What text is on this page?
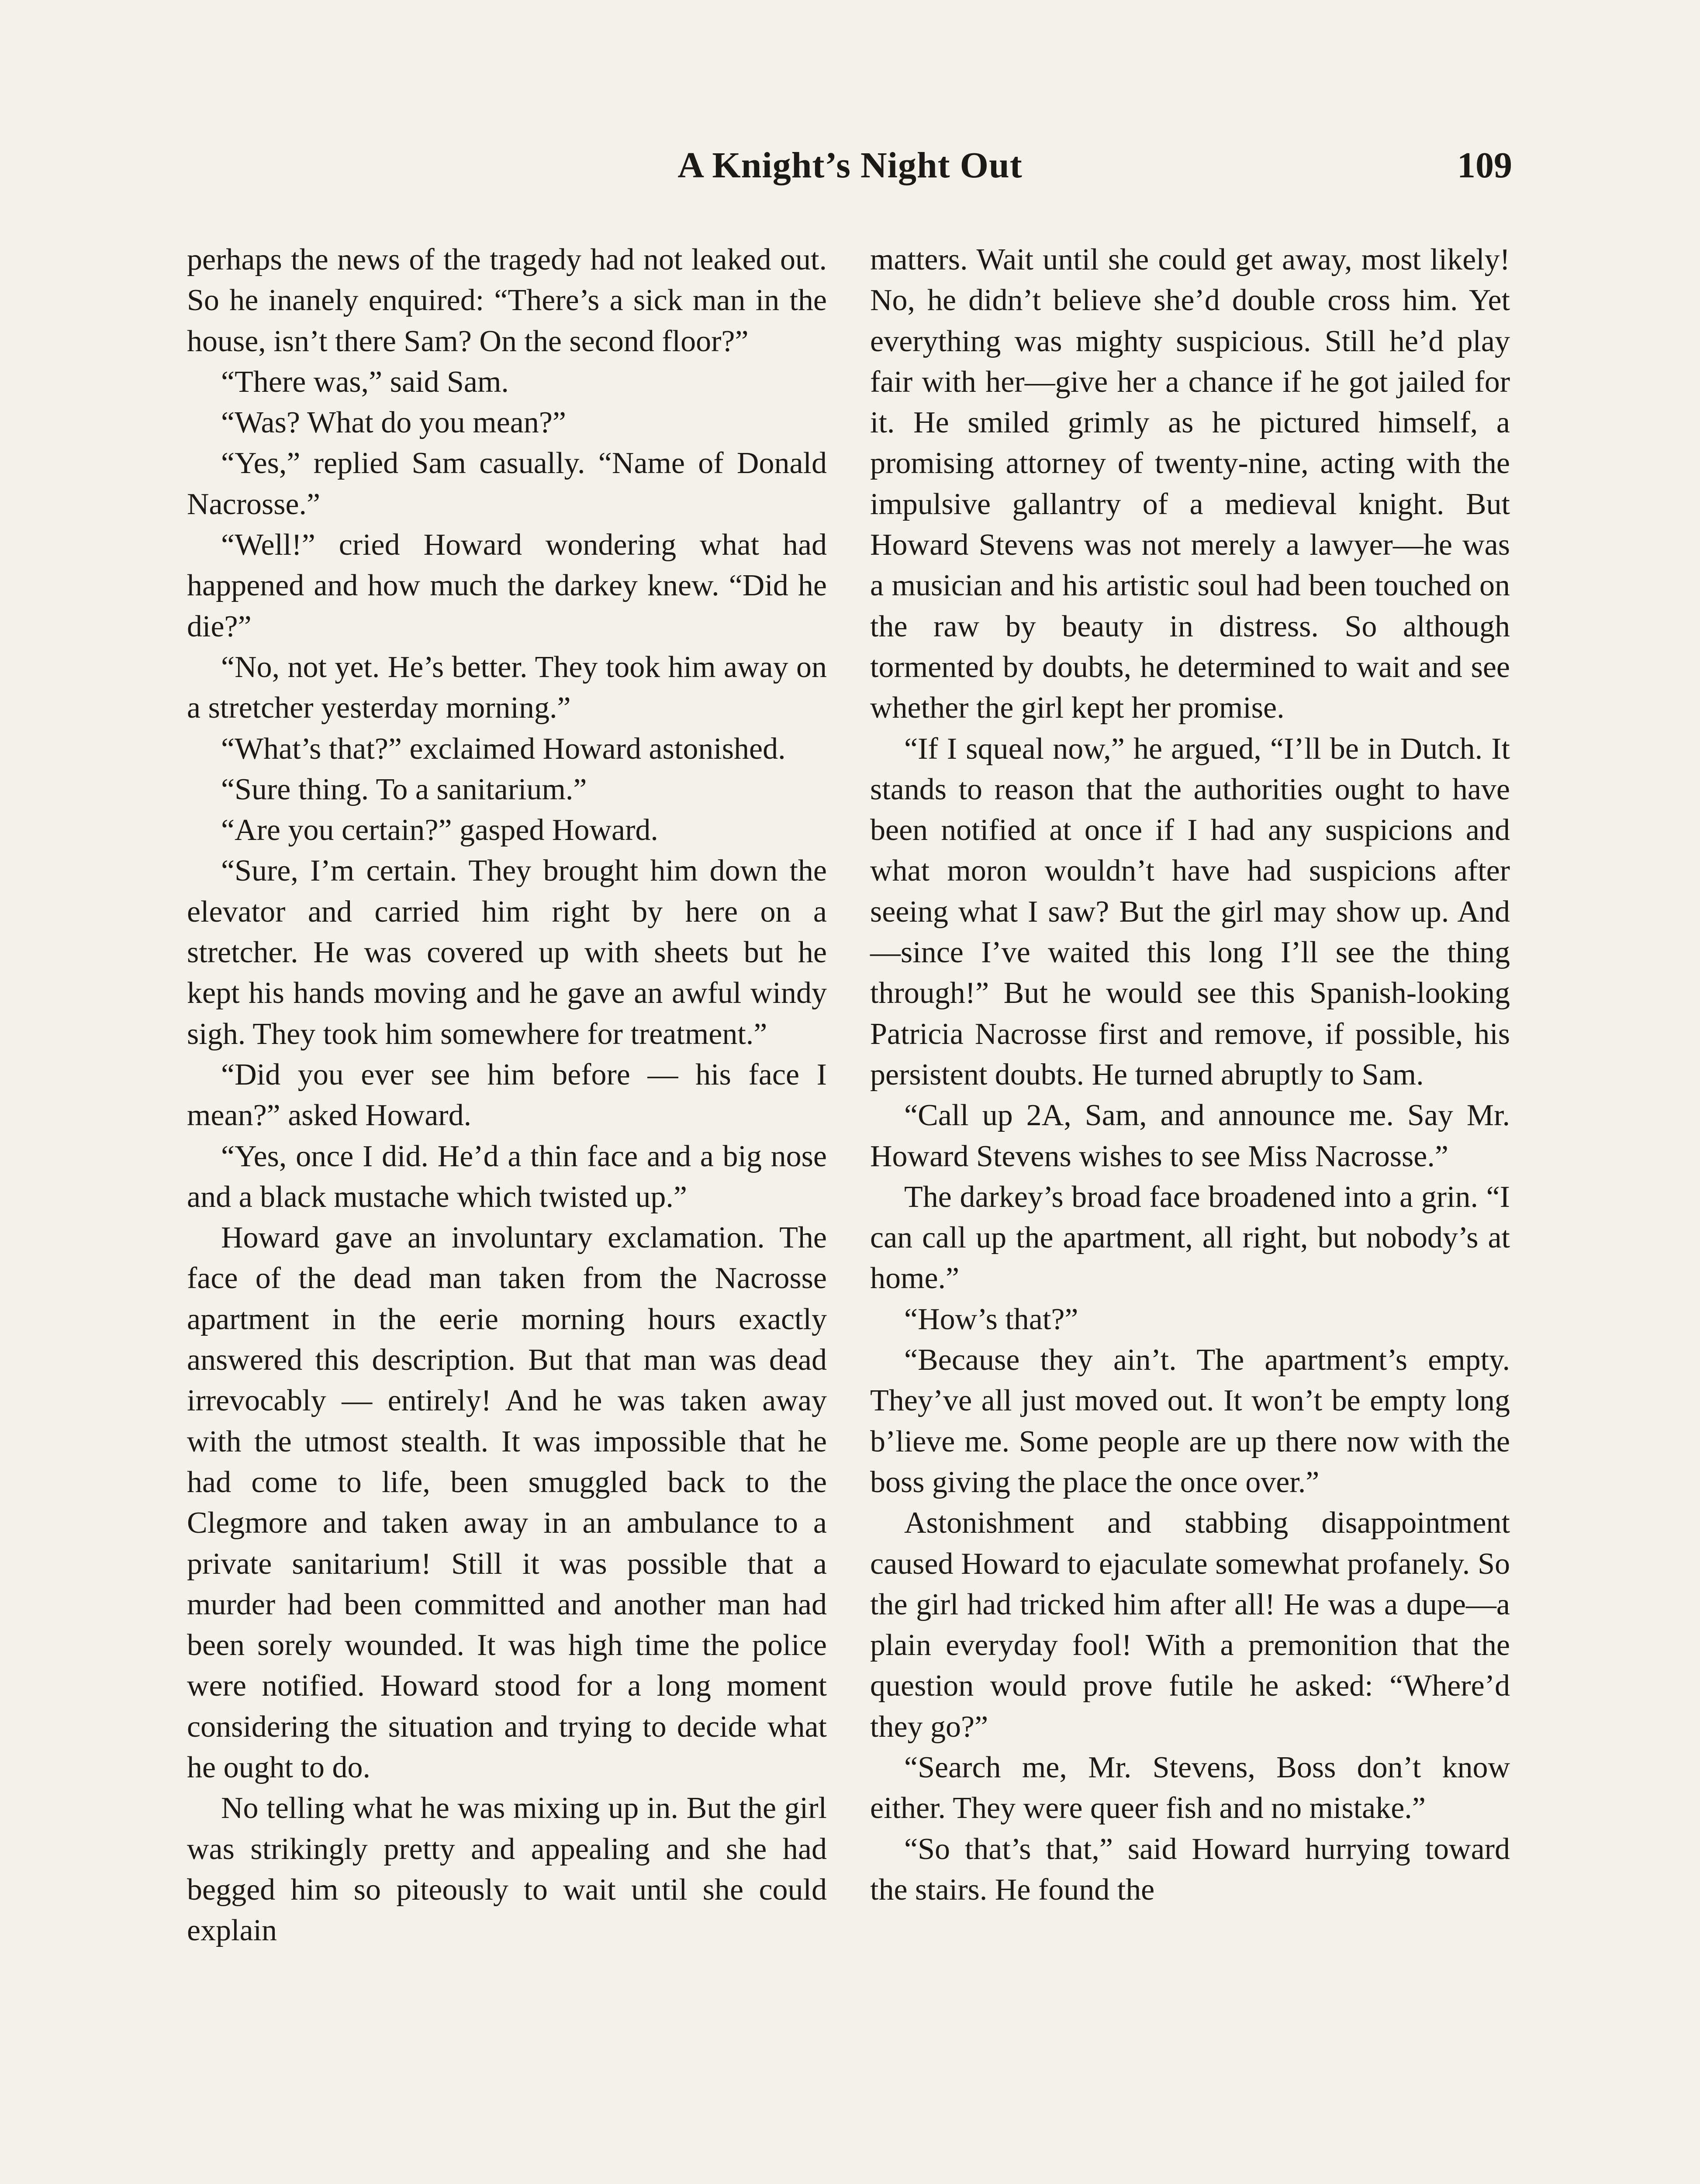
A Knight’s Night Out	109

perhaps the news of the tragedy had not leaked out. So he inanely enquired: “There’s a sick man in the house, isn’t there Sam? On the second floor?”

“There was,” said Sam.

“Was? What do you mean?”

“Yes,” replied Sam casually. “Name of Donald Nacrosse.”

“Well!” cried Howard wondering what had happened and how much the darkey knew. “Did he die?”

“No, not yet. He’s better. They took him away on a stretcher yesterday morning.”

“What’s that?” exclaimed Howard astonished.

“Sure thing. To a sanitarium.”

“Are you certain?” gasped Howard.

“Sure, I’m certain. They brought him down the elevator and carried him right by here on a stretcher. He was covered up with sheets but he kept his hands moving and he gave an awful windy sigh. They took him somewhere for treatment.”

“Did you ever see him before — his face I mean?” asked Howard.

“Yes, once I did. He’d a thin face and a big nose and a black mustache which twisted up.”

Howard gave an involuntary exclamation. The face of the dead man taken from the Nacrosse apartment in the eerie morning hours exactly answered this description. But that man was dead irrevocably — entirely! And he was taken away with the utmost stealth. It was impossible that he had come to life, been smuggled back to the Clegmore and taken away in an ambulance to a private sanitarium! Still it was possible that a murder had been committed and another man had been sorely wounded. It was high time the police were notified. Howard stood for a long moment considering the situation and trying to decide what he ought to do.

No telling what he was mixing up in. But the girl was strikingly pretty and appealing and she had begged him so piteously to wait until she could explain

matters. Wait until she could get away, most likely! No, he didn’t believe she’d double cross him. Yet everything was mighty suspicious. Still he’d play fair with her—give her a chance if he got jailed for it. He smiled grimly as he pictured himself, a promising attorney of twenty-nine, acting with the impulsive gallantry of a medieval knight. But Howard Stevens was not merely a lawyer—he was a musician and his artistic soul had been touched on the raw by beauty in distress. So although tormented by doubts, he determined to wait and see whether the girl kept her promise.

“If I squeal now,” he argued, “I’ll be in Dutch. It stands to reason that the authorities ought to have been notified at once if I had any suspicions and what moron wouldn’t have had suspicions after seeing what I saw? But the girl may show up. And—since I’ve waited this long I’ll see the thing through!” But he would see this Spanish-looking Patricia Nacrosse first and remove, if possible, his persistent doubts. He turned abruptly to Sam.

“Call up 2A, Sam, and announce me. Say Mr. Howard Stevens wishes to see Miss Nacrosse.”

The darkey’s broad face broadened into a grin. “I can call up the apartment, all right, but nobody’s at home.”

“How’s that?”

“Because they ain’t. The apartment’s empty. They’ve all just moved out. It won’t be empty long b’lieve me. Some people are up there now with the boss giving the place the once over.”

Astonishment and stabbing disappointment caused Howard to ejaculate somewhat profanely. So the girl had tricked him after all! He was a dupe—a plain everyday fool! With a premonition that the question would prove futile he asked: “Where’d they go?”

“Search me, Mr. Stevens, Boss don’t know either. They were queer fish and no mistake.”

“So that’s that,” said Howard hurrying toward the stairs. He found the
